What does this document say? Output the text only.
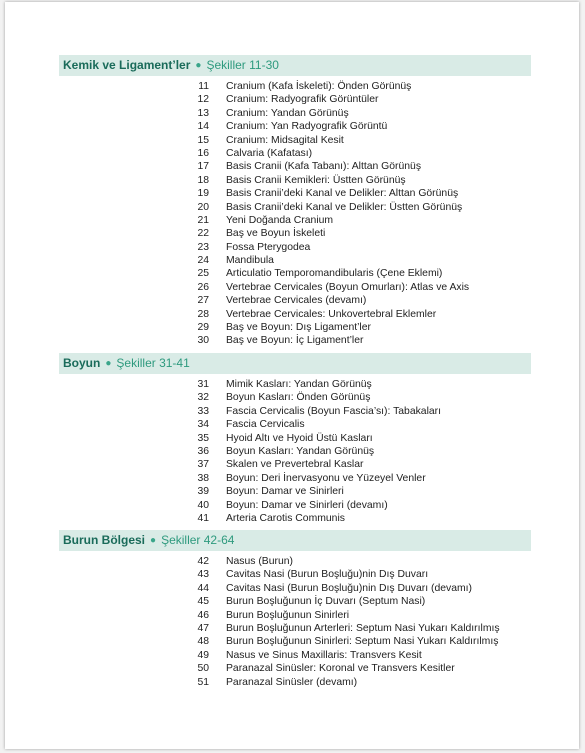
Kemik ve Ligament’ler ● Şekiller 11-30
11 Cranium (Kafa İskeleti): Önden Görünüş
12 Cranium: Radyografik Görüntüler
13 Cranium: Yandan Görünüş
14 Cranium: Yan Radyografik Görüntü
15 Cranium: Midsagital Kesit
16 Calvaria (Kafatası)
17 Basis Cranii (Kafa Tabanı): Alttan Görünüş
18 Basis Cranii Kemikleri: Üstten Görünüş
19 Basis Cranii’deki Kanal ve Delikler: Alttan Görünüş
20 Basis Cranii’deki Kanal ve Delikler: Üstten Görünüş
21 Yeni Doğanda Cranium
22 Baş ve Boyun İskeleti
23 Fossa Pterygodea
24 Mandibula
25 Articulatio Temporomandibularis (Çene Eklemi)
26 Vertebrae Cervicales (Boyun Omurları): Atlas ve Axis
27 Vertebrae Cervicales (devamı)
28 Vertebrae Cervicales: Unkovertebral Eklemler
29 Baş ve Boyun: Dış Ligament’ler
30 Baş ve Boyun: İç Ligament’ler
Boyun ● Şekiller 31-41
31 Mimik Kasları: Yandan Görünüş
32 Boyun Kasları: Önden Görünüş
33 Fascia Cervicalis (Boyun Fascia’sı): Tabakaları
34 Fascia Cervicalis
35 Hyoid Altı ve Hyoid Üstü Kasları
36 Boyun Kasları: Yandan Görünüş
37 Skalen ve Prevertebral Kaslar
38 Boyun: Deri İnervasyonu ve Yüzeyel Venler
39 Boyun: Damar ve Sinirleri
40 Boyun: Damar ve Sinirleri (devamı)
41 Arteria Carotis Communis
Burun Bölgesi ● Şekiller 42-64
42 Nasus (Burun)
43 Cavitas Nasi (Burun Boşluğu)nin Dış Duvarı
44 Cavitas Nasi (Burun Boşluğu)nin Dış Duvarı (devamı)
45 Burun Boşluğunun İç Duvarı (Septum Nasi)
46 Burun Boşluğunun Sinirleri
47 Burun Boşluğunun Arterleri: Septum Nasi Yukarı Kaldırılmış
48 Burun Boşluğunun Sinirleri: Septum Nasi Yukarı Kaldırılmış
49 Nasus ve Sinus Maxillaris: Transvers Kesit
50 Paranazal Sinüsler: Koronal ve Transvers Kesitler
51 Paranazal Sinüsler (devamı)
